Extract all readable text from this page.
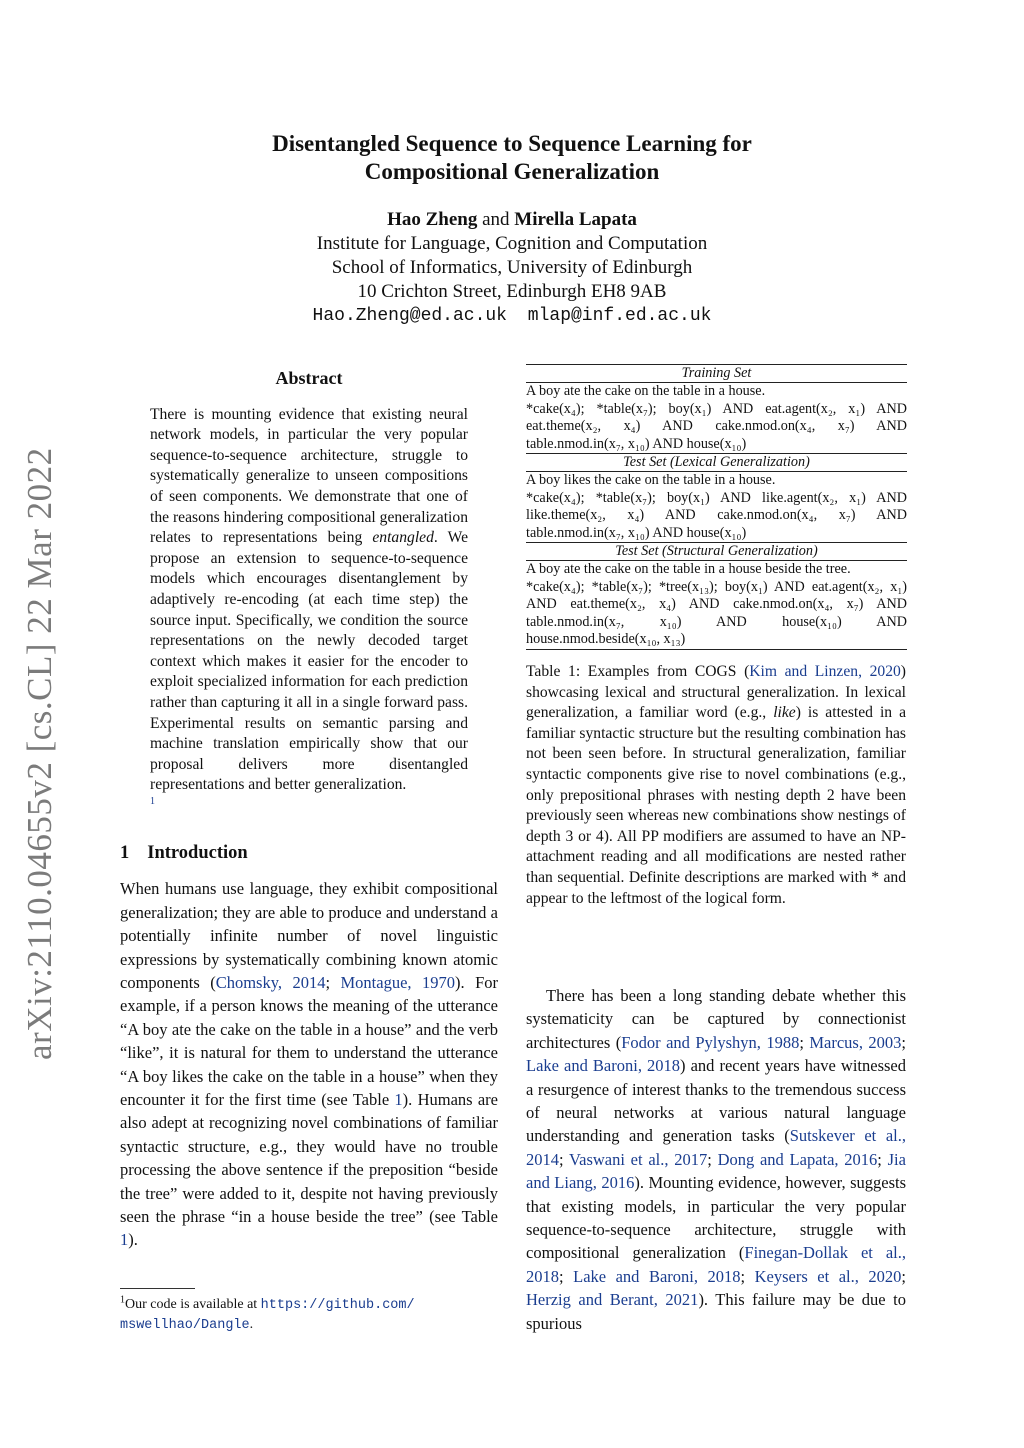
arXiv:2110.04655v2 [cs.CL] 22 Mar 2022
Disentangled Sequence to Sequence Learning for
Compositional Generalization
Hao Zheng and Mirella Lapata
Institute for Language, Cognition and Computation
School of Informatics, University of Edinburgh
10 Crichton Street, Edinburgh EH8 9AB
Hao.Zheng@ed.ac.uk mlap@inf.ed.ac.uk
Abstract
There is mounting evidence that existing neural network models, in particular the very popular sequence-to-sequence architecture, struggle to systematically generalize to unseen compositions of seen components. We demonstrate that one of the reasons hindering compositional generalization relates to representations being entangled. We propose an extension to sequence-to-sequence models which encourages disentanglement by adaptively re-encoding (at each time step) the source input. Specifically, we condition the source representations on the newly decoded target context which makes it easier for the encoder to exploit specialized information for each prediction rather than capturing it all in a single forward pass. Experimental results on semantic parsing and machine translation empirically show that our proposal delivers more disentangled representations and better generalization.
$^1$
1 Introduction

When humans use language, they exhibit compositional generalization; they are able to produce and understand a potentially infinite number of novel linguistic expressions by systematically combining known atomic components (Chomsky, 2014; Montague, 1970). For example, if a person knows the meaning of the utterance “A boy ate the cake on the table in a house” and the verb “like”, it is natural for them to understand the utterance “A boy likes the cake on the table in a house” when they encounter it for the first time (see Table 1). Humans are also adept at recognizing novel combinations of familiar syntactic structure, e.g., they would have no trouble processing the above sentence if the preposition “beside the tree” were added to it, despite not having previously seen the phrase “in a house beside the tree” (see Table 1).

$^1$Our code is available at https://github.com/
mswellhao/Dangle.
Training Set
A boy ate the cake on the table in a house.
*cake(x₄); *table(x₇); boy(x₁) AND eat.agent(x₂, x₁) AND eat.theme(x₂, x₄) AND cake.nmod.on(x₄, x₇) AND table.nmod.in(x₇, x₁₀) AND house(x₁₀)
Test Set (Lexical Generalization)
A boy likes the cake on the table in a house.
*cake(x₄); *table(x₇); boy(x₁) AND like.agent(x₂, x₁) AND like.theme(x₂, x₄) AND cake.nmod.on(x₄, x₇) AND table.nmod.in(x₇, x₁₀) AND house(x₁₀)
Test Set (Structural Generalization)
A boy ate the cake on the table in a house beside the tree.
*cake(x₄); *table(x₇); *tree(x₁₃); boy(x₁) AND eat.agent(x₂, x₁) AND eat.theme(x₂, x₄) AND cake.nmod.on(x₄, x₇) AND table.nmod.in(x₇, x₁₀) AND house(x₁₀) AND house.nmod.beside(x₁₀, x₁₃)
Table 1: Examples from COGS (Kim and Linzen, 2020) showcasing lexical and structural generalization. In lexical generalization, a familiar word (e.g., like) is attested in a familiar syntactic structure but the resulting combination has not been seen before. In structural generalization, familiar syntactic components give rise to novel combinations (e.g., only prepositional phrases with nesting depth 2 have been previously seen whereas new combinations show nestings of depth 3 or 4). All PP modifiers are assumed to have an NP-attachment reading and all modifications are nested rather than sequential. Definite descriptions are marked with * and appear to the leftmost of the logical form.

There has been a long standing debate whether this systematicity can be captured by connectionist architectures (Fodor and Pylyshyn, 1988; Marcus, 2003; Lake and Baroni, 2018) and recent years have witnessed a resurgence of interest thanks to the tremendous success of neural networks at various natural language understanding and generation tasks (Sutskever et al., 2014; Vaswani et al., 2017; Dong and Lapata, 2016; Jia and Liang, 2016). Mounting evidence, however, suggests that existing models, in particular the very popular sequence-to-sequence architecture, struggle with compositional generalization (Finegan-Dollak et al., 2018; Lake and Baroni, 2018; Keysers et al., 2020; Herzig and Berant, 2021). This failure may be due to spurious
